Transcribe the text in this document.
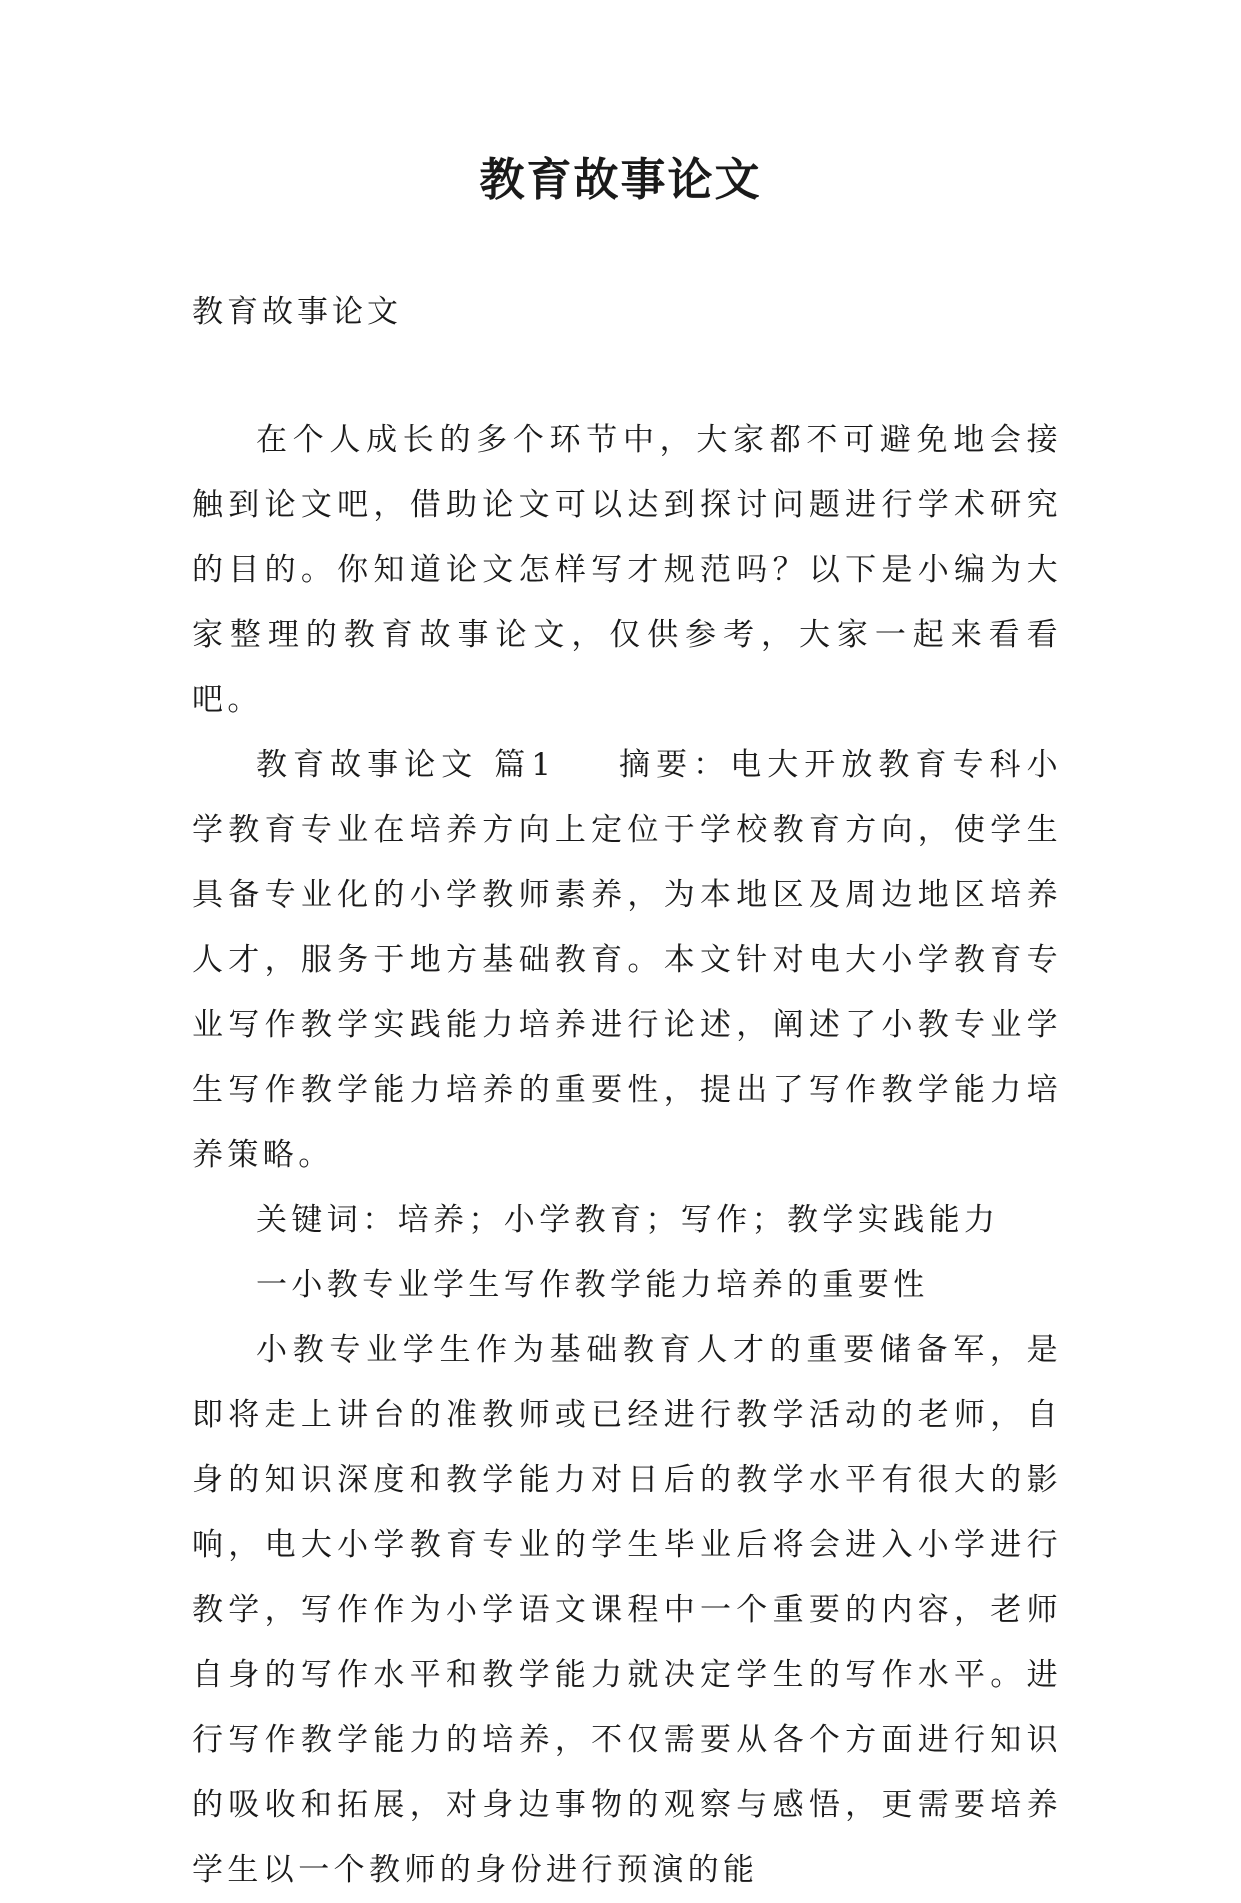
教育故事论文

教育故事论文

在个人成长的多个环节中，大家都不可避免地会接触到论文吧，借助论文可以达到探讨问题进行学术研究的目的。你知道论文怎样写才规范吗？以下是小编为大家整理的教育故事论文，仅供参考，大家一起来看看吧。

教育故事论文 篇1 摘要：电大开放教育专科小学教育专业在培养方向上定位于学校教育方向，使学生具备专业化的小学教师素养，为本地区及周边地区培养人才，服务于地方基础教育。本文针对电大小学教育专业写作教学实践能力培养进行论述，阐述了小教专业学生写作教学能力培养的重要性，提出了写作教学能力培养策略。

关键词：培养；小学教育；写作；教学实践能力

一小教专业学生写作教学能力培养的重要性

小教专业学生作为基础教育人才的重要储备军，是即将走上讲台的准教师或已经进行教学活动的老师，自身的知识深度和教学能力对日后的教学水平有很大的影响，电大小学教育专业的学生毕业后将会进入小学进行教学，写作作为小学语文课程中一个重要的内容，老师自身的写作水平和教学能力就决定学生的写作水平。进行写作教学能力的培养，不仅需要从各个方面进行知识的吸收和拓展，对身边事物的观察与感悟，更需要培养学生以一个教师的身份进行预演的能
